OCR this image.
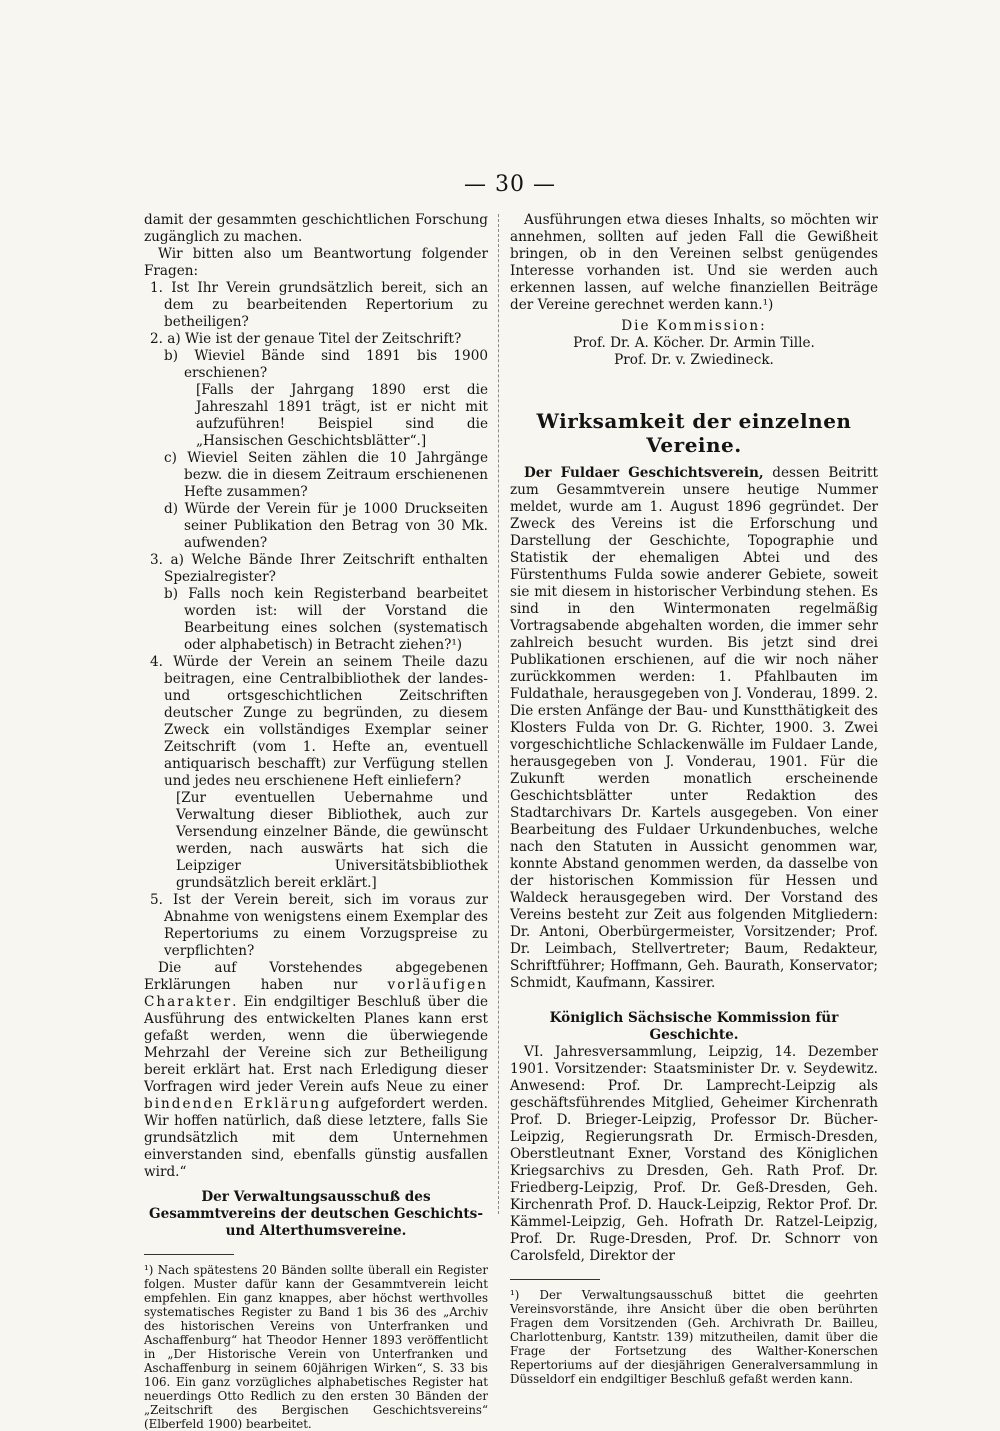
— 30 —

damit der gesammten geschichtlichen Forschung zugänglich zu machen.

Wir bitten also um Beantwortung folgender Fragen:

1. Ist Ihr Verein grundsätzlich bereit, sich an dem zu bearbeitenden Repertorium zu betheiligen?

2. a) Wie ist der genaue Titel der Zeitschrift?

b) Wieviel Bände sind 1891 bis 1900 erschienen?

[Falls der Jahrgang 1890 erst die Jahreszahl 1891 trägt, ist er nicht mit aufzuführen! Beispiel sind die „Hansischen Geschichtsblätter“.]

c) Wieviel Seiten zählen die 10 Jahrgänge bezw. die in diesem Zeitraum erschienenen Hefte zusammen?

d) Würde der Verein für je 1000 Druckseiten seiner Publikation den Betrag von 30 Mk. aufwenden?

3. a) Welche Bände Ihrer Zeitschrift enthalten Spezialregister?

b) Falls noch kein Registerband bearbeitet worden ist: will der Vorstand die Bearbeitung eines solchen (systematisch oder alphabetisch) in Betracht ziehen?¹)

4. Würde der Verein an seinem Theile dazu beitragen, eine Centralbibliothek der landes- und ortsgeschichtlichen Zeitschriften deutscher Zunge zu begründen, zu diesem Zweck ein vollständiges Exemplar seiner Zeitschrift (vom 1. Hefte an, eventuell antiquarisch beschafft) zur Verfügung stellen und jedes neu erschienene Heft einliefern?

[Zur eventuellen Uebernahme und Verwaltung dieser Bibliothek, auch zur Versendung einzelner Bände, die gewünscht werden, nach auswärts hat sich die Leipziger Universitätsbibliothek grundsätzlich bereit erklärt.]

5. Ist der Verein bereit, sich im voraus zur Abnahme von wenigstens einem Exemplar des Repertoriums zu einem Vorzugspreise zu verpflichten?

Die auf Vorstehendes abgegebenen Erklärungen haben nur vorläufigen Charakter. Ein endgiltiger Beschluß über die Ausführung des entwickelten Planes kann erst gefaßt werden, wenn die überwiegende Mehrzahl der Vereine sich zur Betheiligung bereit erklärt hat. Erst nach Erledigung dieser Vorfragen wird jeder Verein aufs Neue zu einer bindenden Erklärung aufgefordert werden. Wir hoffen natürlich, daß diese letztere, falls Sie grundsätzlich mit dem Unternehmen einverstanden sind, ebenfalls günstig ausfallen wird.“

Der Verwaltungsausschuß des Gesammtvereins der deutschen Geschichts- und Alterthumsvereine.

¹) Nach spätestens 20 Bänden sollte überall ein Register folgen. Muster dafür kann der Gesammtverein leicht empfehlen. Ein ganz knappes, aber höchst werthvolles systematisches Register zu Band 1 bis 36 des „Archiv des historischen Vereins von Unterfranken und Aschaffenburg“ hat Theodor Henner 1893 veröffentlicht in „Der Historische Verein von Unterfranken und Aschaffenburg in seinem 60jährigen Wirken“, S. 33 bis 106. Ein ganz vorzügliches alphabetisches Register hat neuerdings Otto Redlich zu den ersten 30 Bänden der „Zeitschrift des Bergischen Geschichtsvereins“ (Elberfeld 1900) bearbeitet.

Ausführungen etwa dieses Inhalts, so möchten wir annehmen, sollten auf jeden Fall die Gewißheit bringen, ob in den Vereinen selbst genügendes Interesse vorhanden ist. Und sie werden auch erkennen lassen, auf welche finanziellen Beiträge der Vereine gerechnet werden kann.¹)

Die Kommission:

Prof. Dr. A. Köcher. Dr. Armin Tille.

Prof. Dr. v. Zwiedineck.

Wirksamkeit der einzelnen Vereine.

Der Fuldaer Geschichtsverein, dessen Beitritt zum Gesammtverein unsere heutige Nummer meldet, wurde am 1. August 1896 gegründet. Der Zweck des Vereins ist die Erforschung und Darstellung der Geschichte, Topographie und Statistik der ehemaligen Abtei und des Fürstenthums Fulda sowie anderer Gebiete, soweit sie mit diesem in historischer Verbindung stehen. Es sind in den Wintermonaten regelmäßig Vortragsabende abgehalten worden, die immer sehr zahlreich besucht wurden. Bis jetzt sind drei Publikationen erschienen, auf die wir noch näher zurückkommen werden: 1. Pfahlbauten im Fuldathale, herausgegeben von J. Vonderau, 1899. 2. Die ersten Anfänge der Bau- und Kunstthätigkeit des Klosters Fulda von Dr. G. Richter, 1900. 3. Zwei vorgeschichtliche Schlackenwälle im Fuldaer Lande, herausgegeben von J. Vonderau, 1901. Für die Zukunft werden monatlich erscheinende Geschichtsblätter unter Redaktion des Stadtarchivars Dr. Kartels ausgegeben. Von einer Bearbeitung des Fuldaer Urkundenbuches, welche nach den Statuten in Aussicht genommen war, konnte Abstand genommen werden, da dasselbe von der historischen Kommission für Hessen und Waldeck herausgegeben wird. Der Vorstand des Vereins besteht zur Zeit aus folgenden Mitgliedern: Dr. Antoni, Oberbürgermeister, Vorsitzender; Prof. Dr. Leimbach, Stellvertreter; Baum, Redakteur, Schriftführer; Hoffmann, Geh. Baurath, Konservator; Schmidt, Kaufmann, Kassirer.

Königlich Sächsische Kommission für Geschichte.

VI. Jahresversammlung, Leipzig, 14. Dezember 1901. Vorsitzender: Staatsminister Dr. v. Seydewitz. Anwesend: Prof. Dr. Lamprecht-Leipzig als geschäftsführendes Mitglied, Geheimer Kirchenrath Prof. D. Brieger-Leipzig, Professor Dr. Bücher-Leipzig, Regierungsrath Dr. Ermisch-Dresden, Oberstleutnant Exner, Vorstand des Königlichen Kriegsarchivs zu Dresden, Geh. Rath Prof. Dr. Friedberg-Leipzig, Prof. Dr. Geß-Dresden, Geh. Kirchenrath Prof. D. Hauck-Leipzig, Rektor Prof. Dr. Kämmel-Leipzig, Geh. Hofrath Dr. Ratzel-Leipzig, Prof. Dr. Ruge-Dresden, Prof. Dr. Schnorr von Carolsfeld, Direktor der

¹) Der Verwaltungsausschuß bittet die geehrten Vereinsvorstände, ihre Ansicht über die oben berührten Fragen dem Vorsitzenden (Geh. Archivrath Dr. Bailleu, Charlottenburg, Kantstr. 139) mitzutheilen, damit über die Frage der Fortsetzung des Walther-Konerschen Repertoriums auf der diesjährigen Generalversammlung in Düsseldorf ein endgiltiger Beschluß gefaßt werden kann.
